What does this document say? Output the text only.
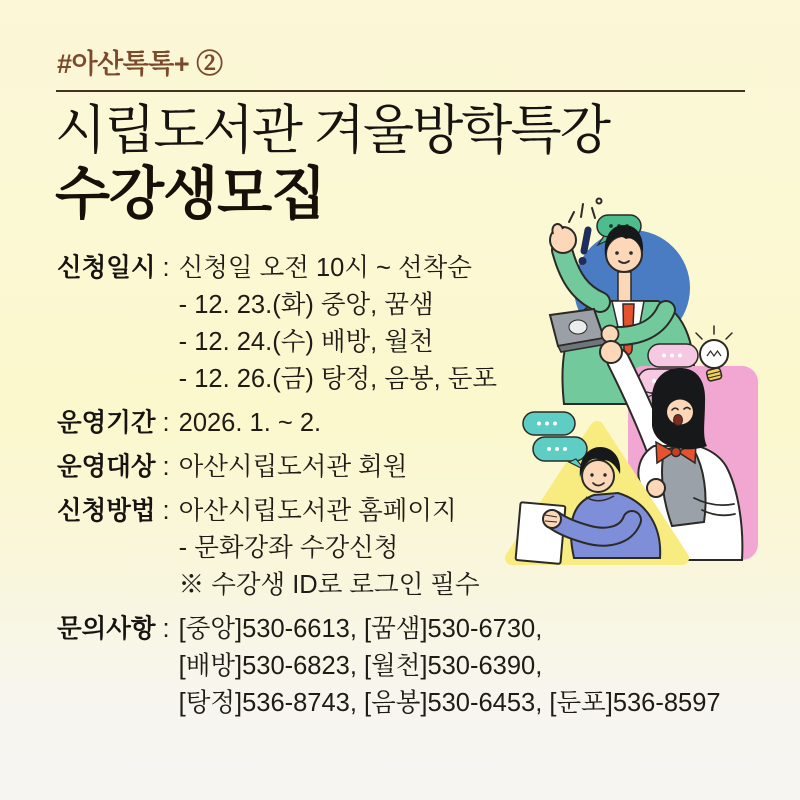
#아산톡톡+ ②
시립도서관 겨울방학특강
수강생모집
신청일시 : 신청일 오전 10시 ~ 선착순
- 12. 23.(화) 중앙, 꿈샘
- 12. 24.(수) 배방, 월천
- 12. 26.(금) 탕정, 음봉, 둔포
운영기간 : 2026. 1. ~ 2.
운영대상 : 아산시립도서관 회원
신청방법 : 아산시립도서관 홈페이지
- 문화강좌 수강신청
※ 수강생 ID로 로그인 필수
문의사항 : [중앙]530-6613, [꿈샘]530-6730,
[배방]530-6823, [월천]530-6390,
[탕정]536-8743, [음봉]530-6453, [둔포]536-8597
